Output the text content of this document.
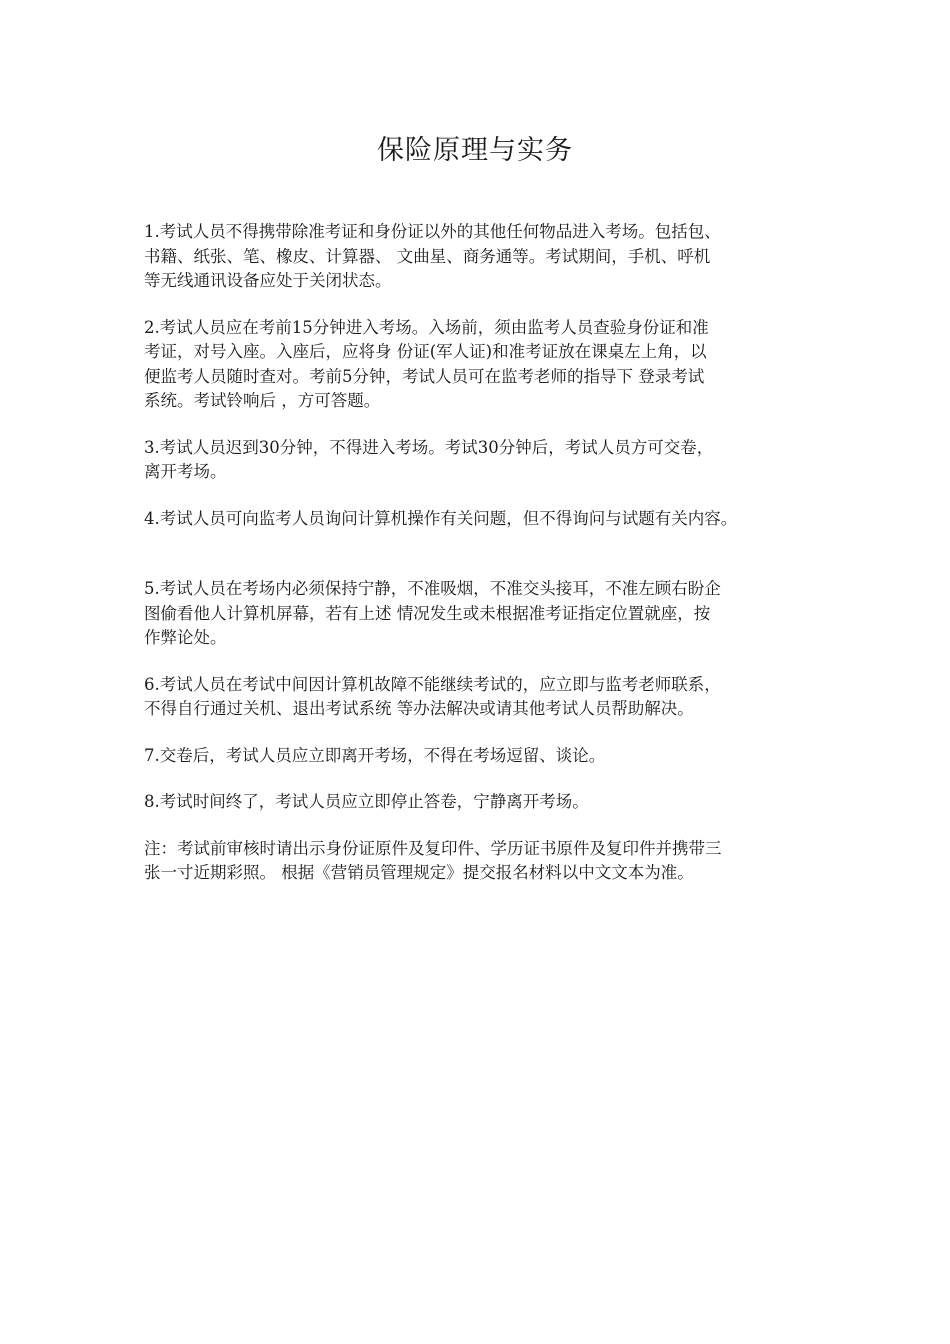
保险原理与实务

1.考试人员不得携带除准考证和身份证以外的其他任何物品进入考场。包括包、
书籍、纸张、笔、橡皮、计算器、 文曲星、商务通等。考试期间，手机、呼机
等无线通讯设备应处于关闭状态。

2.考试人员应在考前15分钟进入考场。入场前，须由监考人员查验身份证和准
考证，对号入座。入座后，应将身 份证(军人证)和准考证放在课桌左上角，以
便监考人员随时查对。考前5分钟，考试人员可在监考老师的指导下 登录考试
系统。考试铃响后 ，方可答题。

3.考试人员迟到30分钟，不得进入考场。考试30分钟后，考试人员方可交卷，
离开考场。

4.考试人员可向监考人员询问计算机操作有关问题，但不得询问与试题有关内容。

5.考试人员在考场内必须保持宁静，不准吸烟，不准交头接耳，不准左顾右盼企
图偷看他人计算机屏幕，若有上述 情况发生或未根据准考证指定位置就座，按
作弊论处。

6.考试人员在考试中间因计算机故障不能继续考试的，应立即与监考老师联系，
不得自行通过关机、退出考试系统 等办法解决或请其他考试人员帮助解决。

7.交卷后，考试人员应立即离开考场，不得在考场逗留、谈论。

8.考试时间终了，考试人员应立即停止答卷，宁静离开考场。

注：考试前审核时请出示身份证原件及复印件、学历证书原件及复印件并携带三
张一寸近期彩照。 根据《营销员管理规定》提交报名材料以中文文本为准。
